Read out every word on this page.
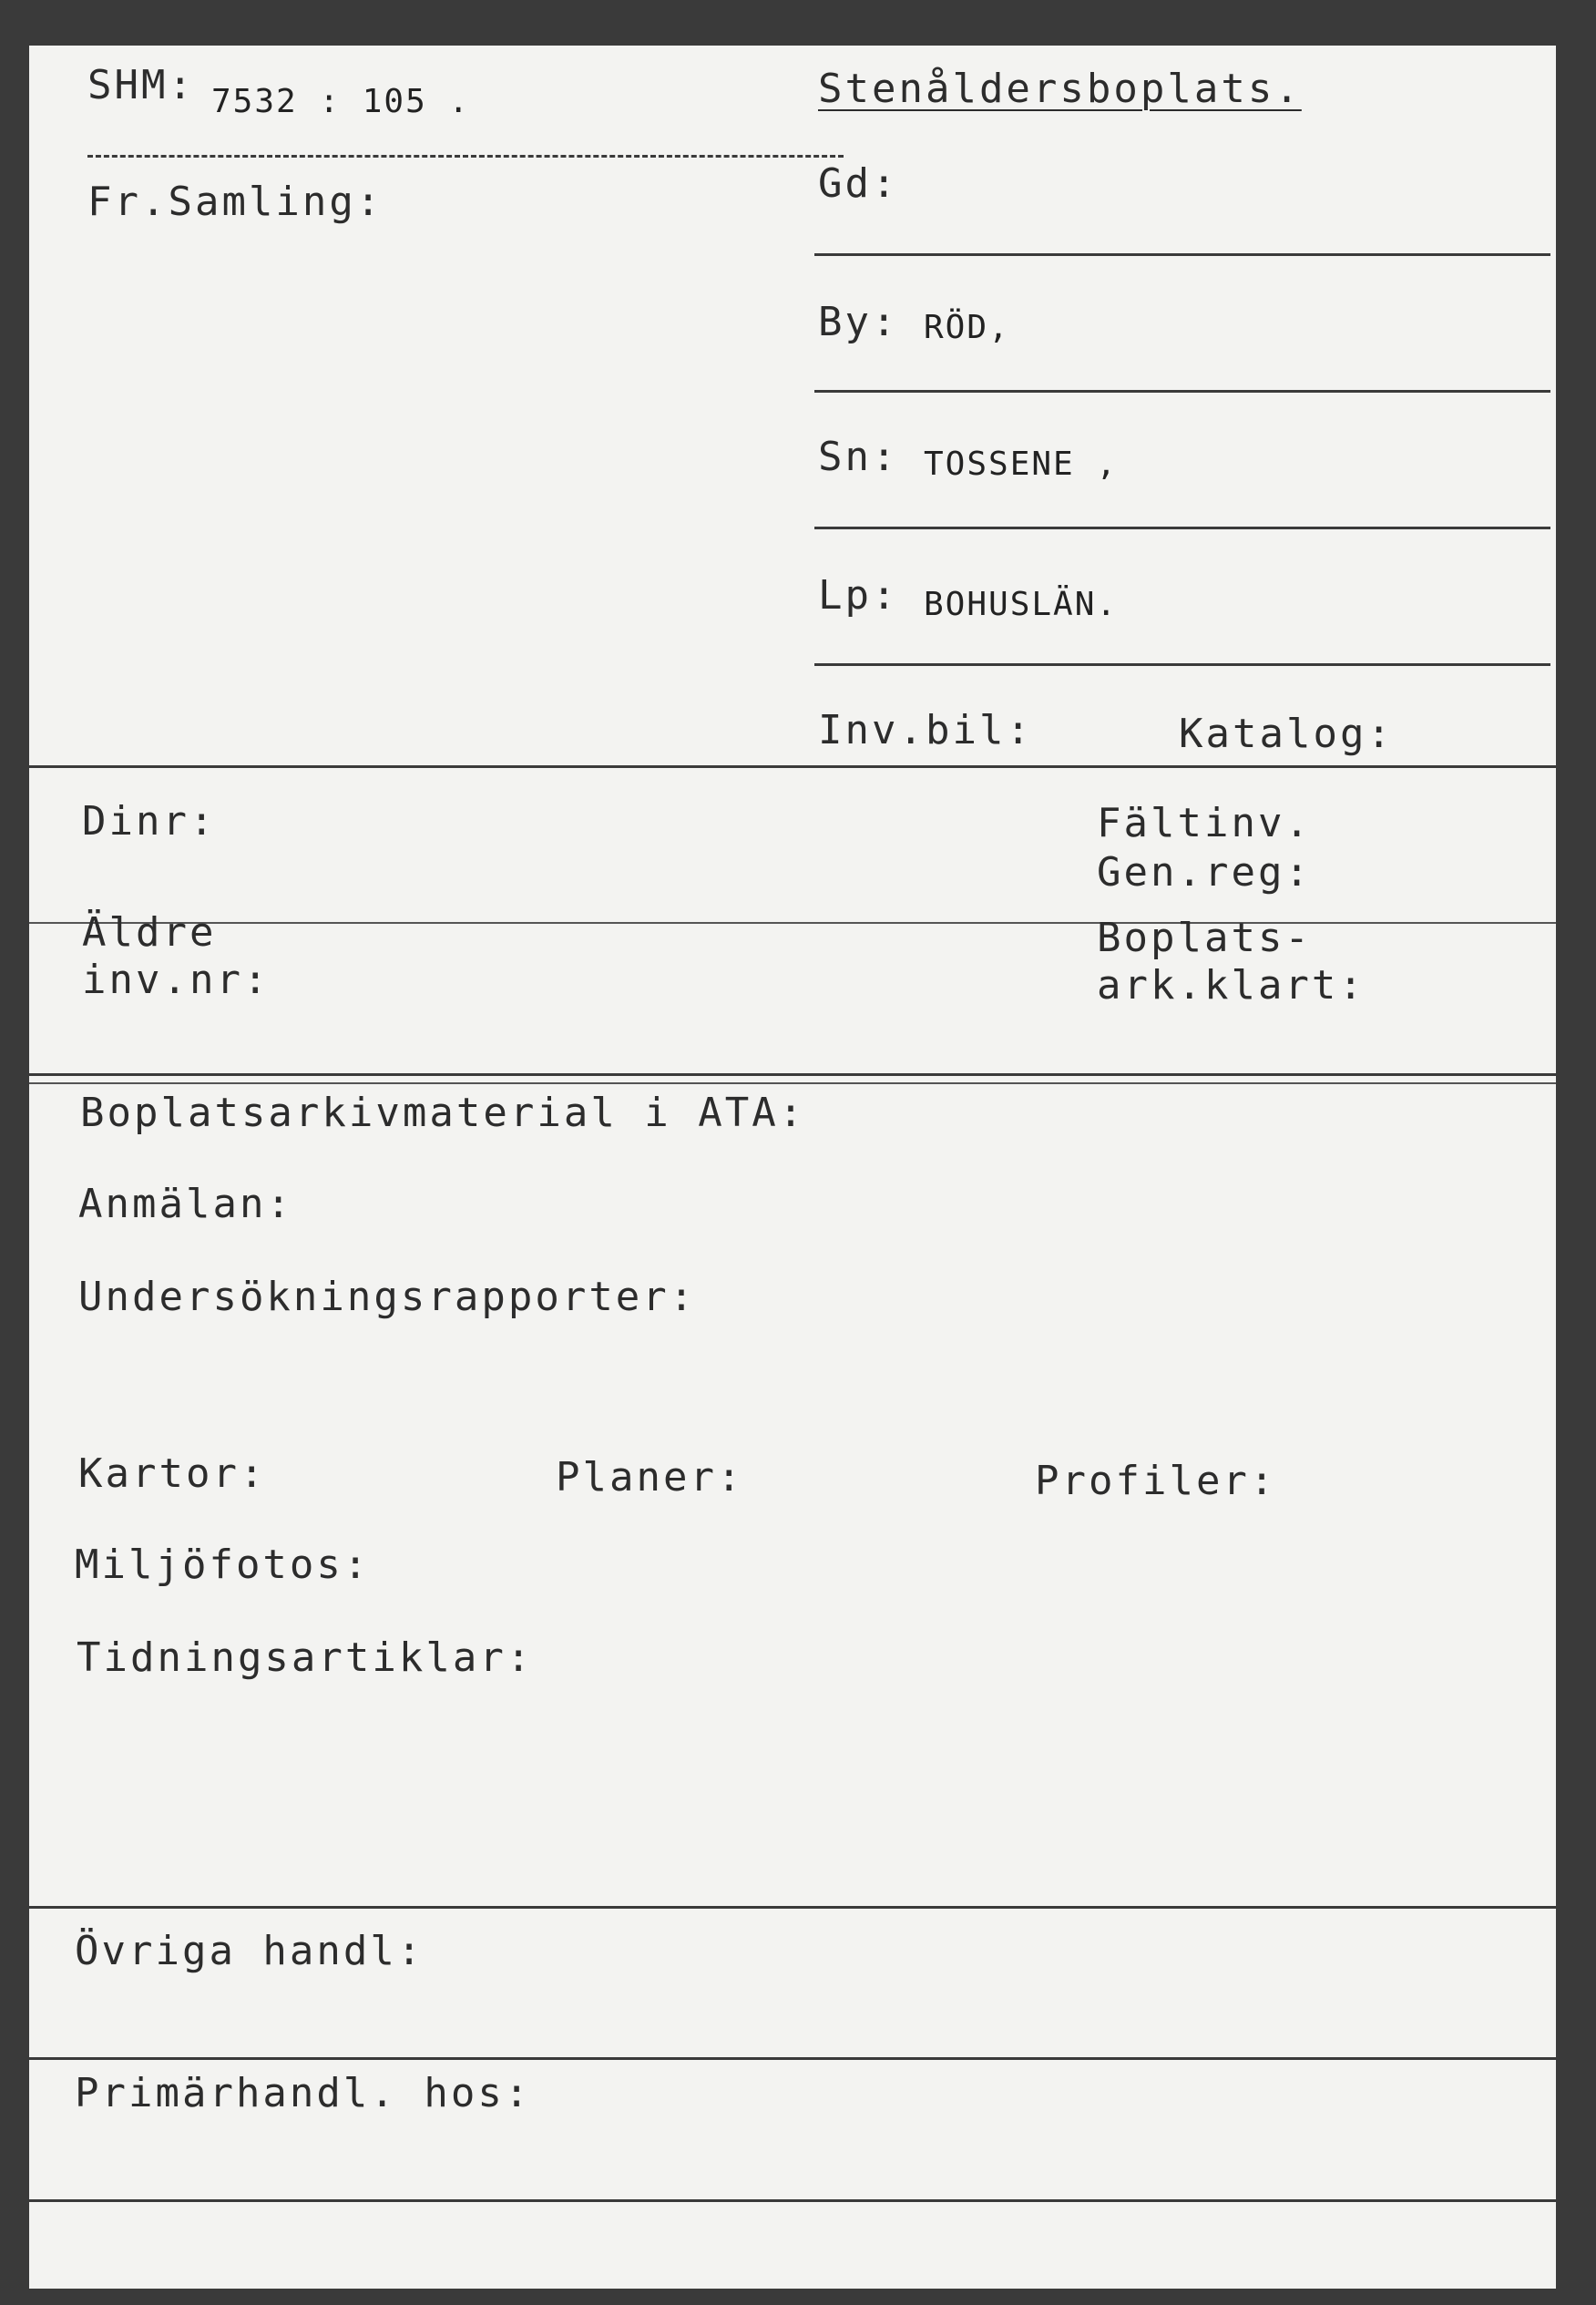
SHM: 7532 : 105 .	Stenåldersboplats.
Fr.Samling:	Gd:
By: RÖD,
Sn: TOSSENE ,
Lp: BOHUSLÄN.
Inv.bil:	Katalog:
Dinr:	Fältinv.
Gen.reg:
Äldre
inv.nr:
Boplats-
ark.klart:
Boplatsarkivmaterial i ATA:
Anmälan:
Undersökningsrapporter:
Kartor:	Planer:	Profiler:
Miljöfotos:
Tidningsartiklar:
Övriga handl:
Primärhandl. hos:
